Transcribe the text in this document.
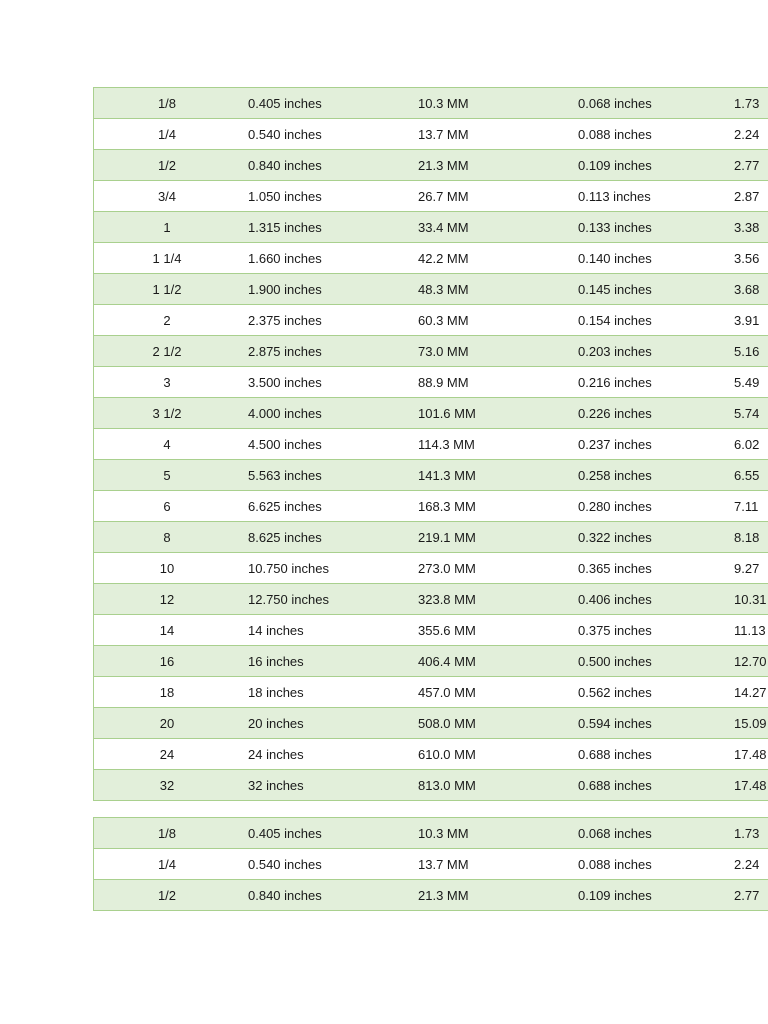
1/8	0.405 inches	10.3 MM	0.068 inches	1.73
1/4	0.540 inches	13.7 MM	0.088 inches	2.24
1/2	0.840 inches	21.3 MM	0.109 inches	2.77
3/4	1.050 inches	26.7 MM	0.113 inches	2.87
1	1.315 inches	33.4 MM	0.133 inches	3.38
1 1/4	1.660 inches	42.2 MM	0.140 inches	3.56
1 1/2	1.900 inches	48.3 MM	0.145 inches	3.68
2	2.375 inches	60.3 MM	0.154 inches	3.91
2 1/2	2.875 inches	73.0 MM	0.203 inches	5.16
3	3.500 inches	88.9 MM	0.216 inches	5.49
3 1/2	4.000 inches	101.6 MM	0.226 inches	5.74
4	4.500 inches	114.3 MM	0.237 inches	6.02
5	5.563 inches	141.3 MM	0.258 inches	6.55
6	6.625 inches	168.3 MM	0.280 inches	7.11
8	8.625 inches	219.1 MM	0.322 inches	8.18
10	10.750 inches	273.0 MM	0.365 inches	9.27
12	12.750 inches	323.8 MM	0.406 inches	10.31
14	14 inches	355.6 MM	0.375 inches	11.13
16	16 inches	406.4 MM	0.500 inches	12.70
18	18 inches	457.0 MM	0.562 inches	14.27
20	20 inches	508.0 MM	0.594 inches	15.09
24	24 inches	610.0 MM	0.688 inches	17.48
32	32 inches	813.0 MM	0.688 inches	17.48
1/8	0.405 inches	10.3 MM	0.068 inches	1.73
1/4	0.540 inches	13.7 MM	0.088 inches	2.24
1/2	0.840 inches	21.3 MM	0.109 inches	2.77
